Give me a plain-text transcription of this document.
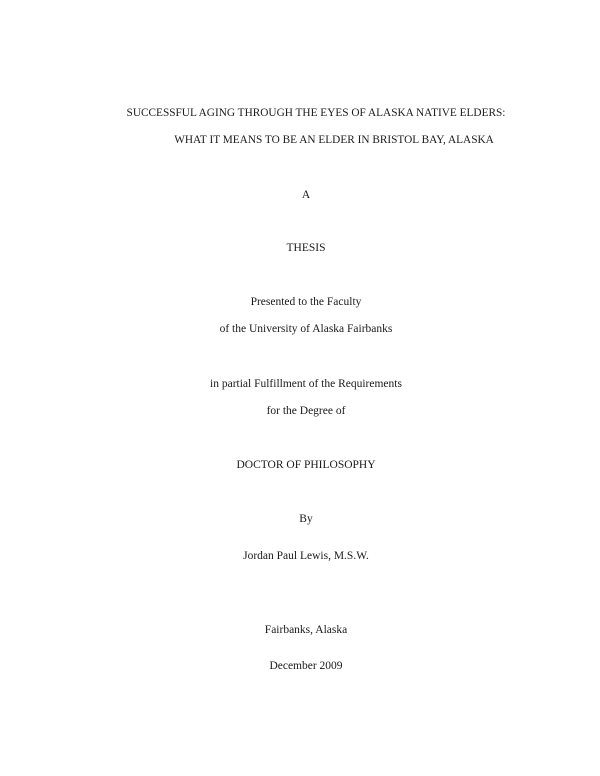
SUCCESSFUL AGING THROUGH THE EYES OF ALASKA NATIVE ELDERS:
WHAT IT MEANS TO BE AN ELDER IN BRISTOL BAY, ALASKA
A
THESIS
Presented to the Faculty
of the University of Alaska Fairbanks
in partial Fulfillment of the Requirements
for the Degree of
DOCTOR OF PHILOSOPHY
By
Jordan Paul Lewis, M.S.W.
Fairbanks, Alaska
December 2009
